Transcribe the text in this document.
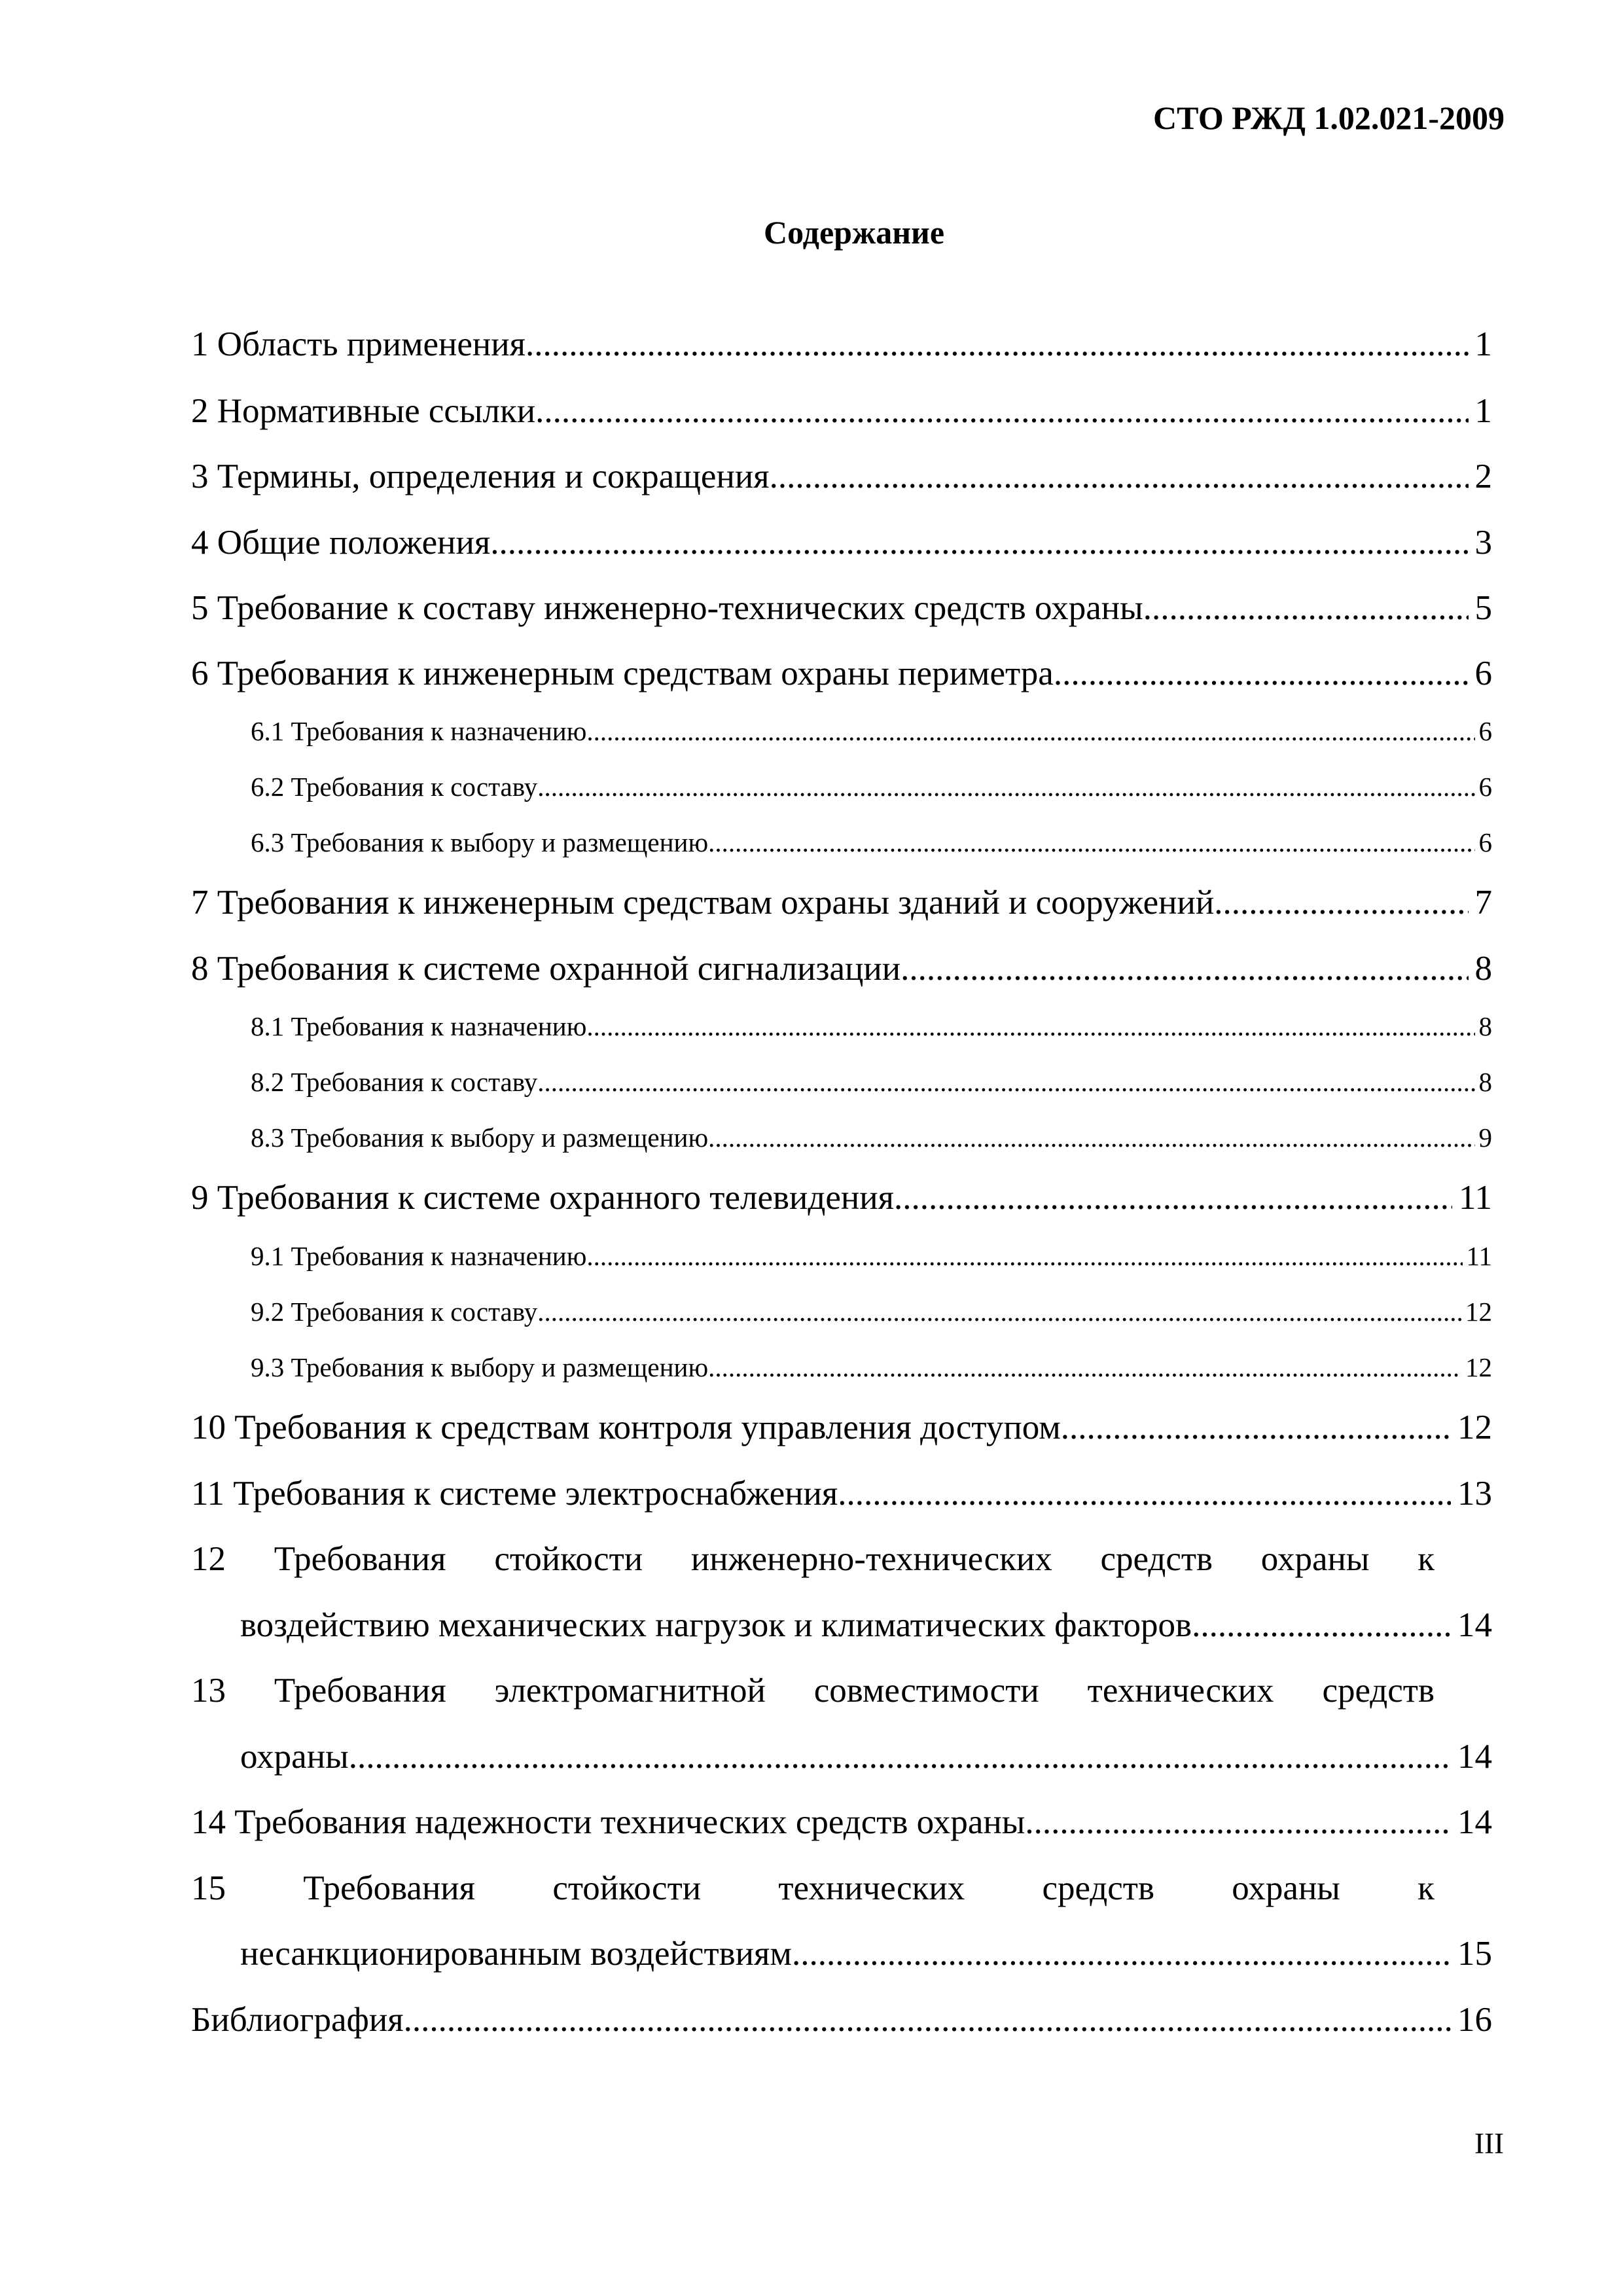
СТО РЖД 1.02.021-2009
Содержание
1 Область применения .....	1
2 Нормативные ссылки .....	1
3 Термины, определения и сокращения .....	2
4 Общие положения .....	3
5 Требование к составу инженерно-технических средств охраны .....	5
6 Требования к инженерным средствам охраны периметра .....	6
6.1 Требования к назначению .....	6
6.2 Требования к составу .....	6
6.3 Требования к выбору и размещению .....	6
7 Требования к инженерным средствам охраны зданий и сооружений .....	7
8 Требования к системе охранной сигнализации .....	8
8.1 Требования к назначению .....	8
8.2 Требования к составу .....	8
8.3 Требования к выбору и размещению .....	9
9 Требования к системе охранного телевидения .....	11
9.1 Требования к назначению .....	11
9.2 Требования к составу .....	12
9.3 Требования к выбору и размещению .....	12
10 Требования к средствам контроля управления доступом .....	12
11 Требования к системе электроснабжения .....	13
12 Требования стойкости инженерно-технических средств охраны к
воздействию механических нагрузок и климатических факторов .....	14
13 Требования электромагнитной совместимости технических средств
охраны .....	14
14 Требования надежности технических средств охраны .....	14
15 Требования стойкости технических средств охраны к
несанкционированным воздействиям .....	15
Библиография .....	16
III
